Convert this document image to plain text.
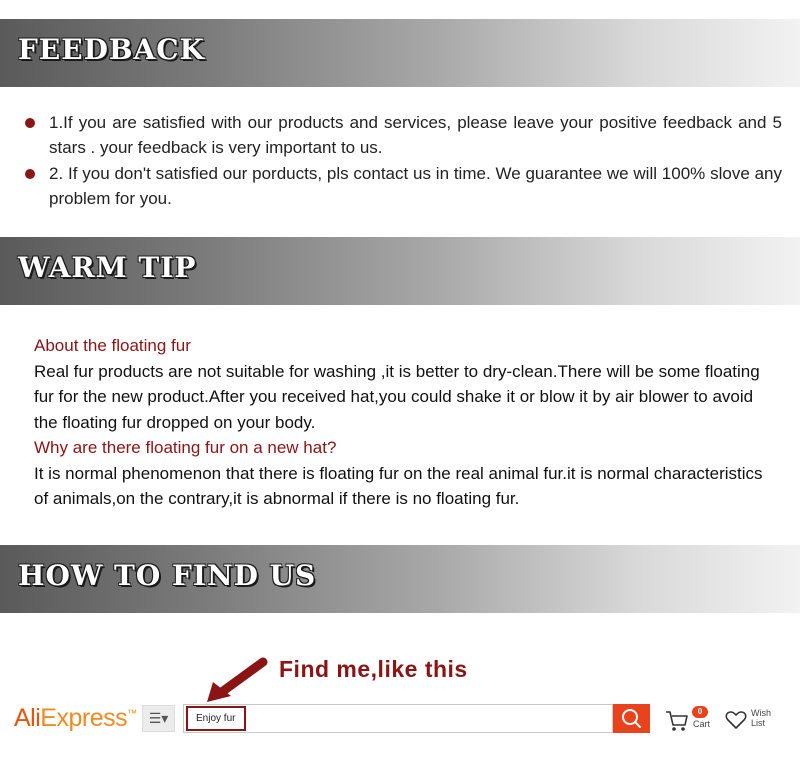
FEEDBACK
1.If you are satisfied with our products and services, please leave your positive feedback and 5 stars . your feedback is very important to us.
2. If you don't satisfied our porducts, pls contact us in time. We guarantee we will 100% slove any problem for you.
WARM TIP
About the floating fur
Real fur products are not suitable for washing ,it is better to dry-clean.There will be some floating fur for the new product.After you received hat,you could shake it or blow it by air blower to avoid the floating fur dropped on your body.
Why are there floating fur on a new hat?
It is normal phenomenon that there is floating fur on the real animal fur.it is normal characteristics of animals,on the contrary,it is abnormal if there is no floating fur.
HOW TO FIND US
Find me,like this
AliExpress™ ☰▾	Enjoy fur
0
Cart
Wish
List
